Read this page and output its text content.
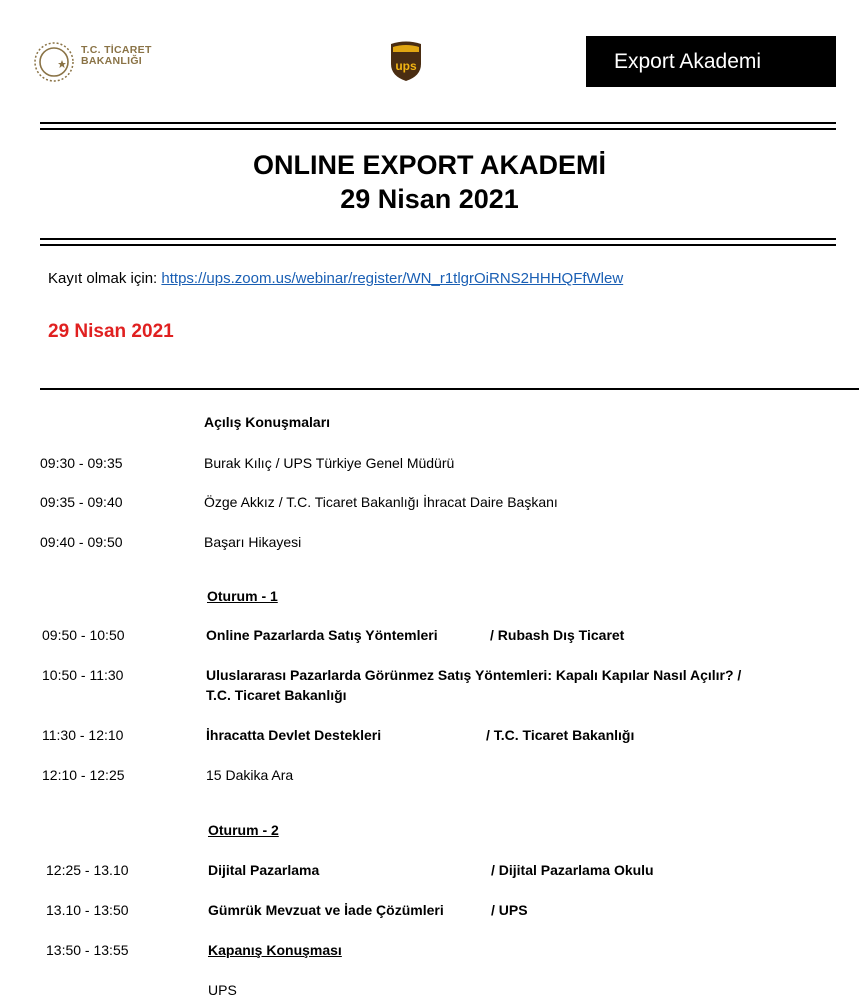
T.C. TİCARET
BAKANLIĞI	ups	Export Akademi
ONLINE EXPORT AKADEMİ
29 Nisan 2021
Kayıt olmak için: https://ups.zoom.us/webinar/register/WN_r1tlgrOiRNS2HHHQFfWlew
29 Nisan 2021
Açılış Konuşmaları
09:30 - 09:35	Burak Kılıç / UPS Türkiye Genel Müdürü
09:35 - 09:40	Özge Akkız / T.C. Ticaret Bakanlığı İhracat Daire Başkanı
09:40 - 09:50	Başarı Hikayesi
Oturum - 1
09:50 - 10:50	Online Pazarlarda Satış Yöntemleri	/ Rubash Dış Ticaret
10:50 - 11:30	Uluslararası Pazarlarda Görünmez Satış Yöntemleri: Kapalı Kapılar Nasıl Açılır? /
T.C. Ticaret Bakanlığı
11:30 - 12:10	İhracatta Devlet Destekleri	/ T.C. Ticaret Bakanlığı
12:10 - 12:25	15 Dakika Ara
Oturum - 2
12:25 - 13.10	Dijital Pazarlama	/ Dijital Pazarlama Okulu
13.10 - 13:50	Gümrük Mevzuat ve İade Çözümleri	/ UPS
13:50 - 13:55	Kapanış Konuşması
UPS
